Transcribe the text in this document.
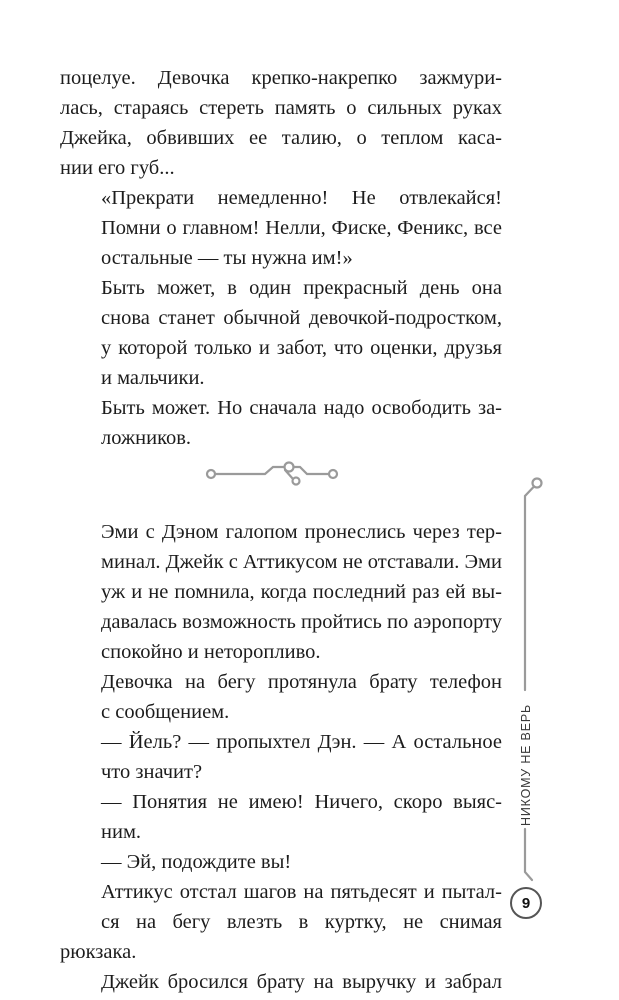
поцелуе. Девочка крепко-накрепко зажмури-
лась, стараясь стереть память о сильных руках
Джейка, обвивших ее талию, о теплом каса-
нии его губ...

«Прекрати немедленно! Не отвлекайся!
Помни о главном! Нелли, Фиске, Феникс, все
остальные — ты нужна им!»

Быть может, в один прекрасный день она
снова станет обычной девочкой-подростком,
у которой только и забот, что оценки, друзья
и мальчики.

Быть может. Но сначала надо освободить за-
ложников.

Эми с Дэном галопом пронеслись через тер-
минал. Джейк с Аттикусом не отставали. Эми
уж и не помнила, когда последний раз ей вы-
давалась возможность пройтись по аэропорту
спокойно и неторопливо.

Девочка на бегу протянула брату телефон
с сообщением.

— Йель? — пропыхтел Дэн. — А остальное
что значит?

— Понятия не имею! Ничего, скоро выяс-
ним.

— Эй, подождите вы!

Аттикус отстал шагов на пятьдесят и пытал-
ся на бегу влезть в куртку, не снимая рюкзака.
Джейк бросился брату на выручку и забрал

НИКОМУ НЕ ВЕРЬ
9
